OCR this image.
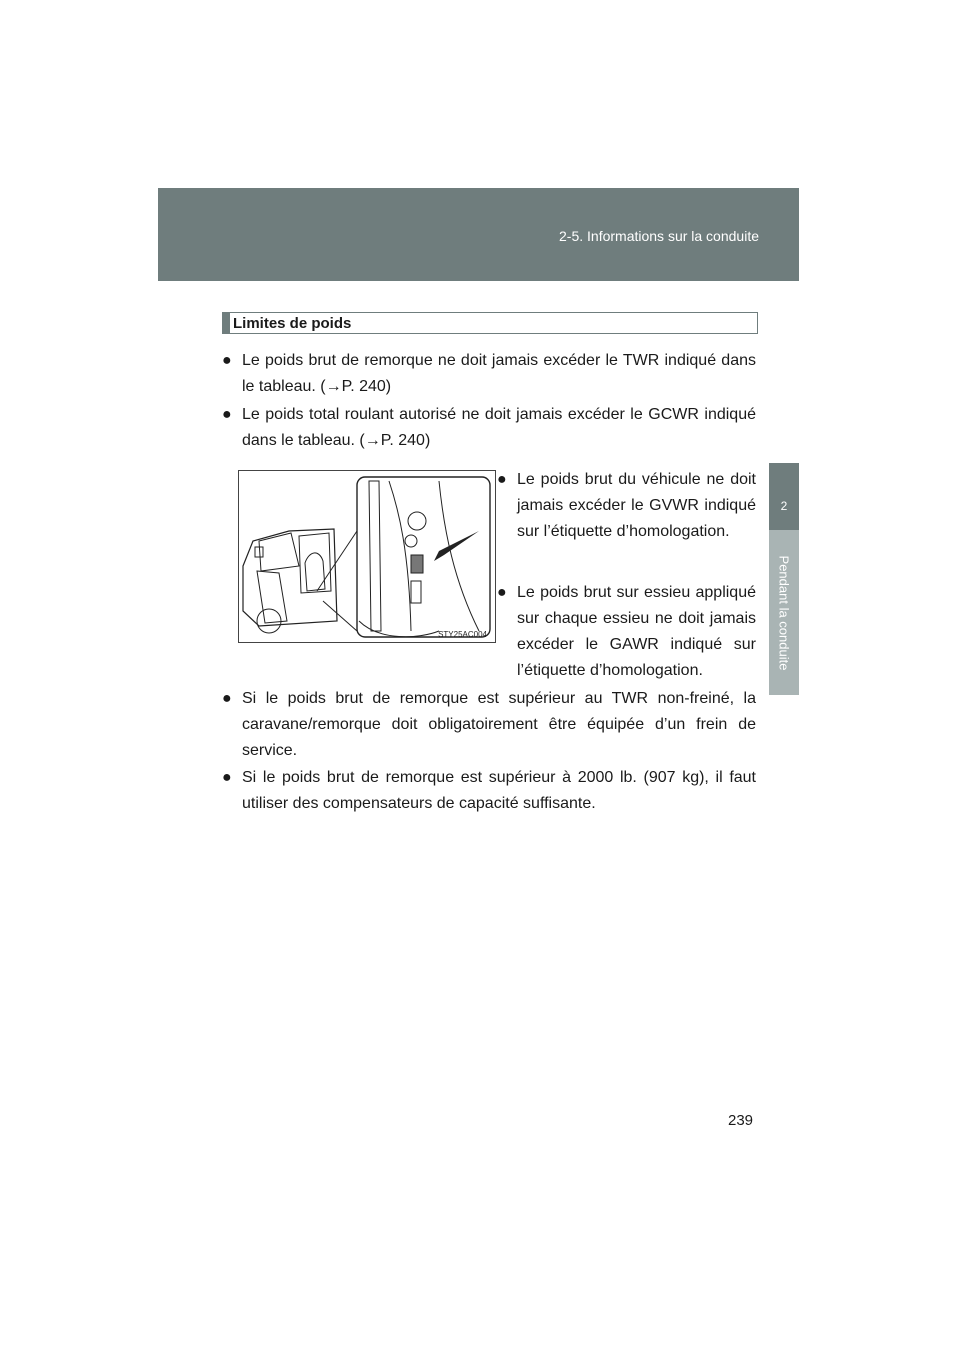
2-5. Informations sur la conduite
2
Pendant la conduite
Limites de poids
● Le poids brut de remorque ne doit jamais excéder le TWR indiqué dans le tableau. (→P. 240)
● Le poids total roulant autorisé ne doit jamais excéder le GCWR indiqué dans le tableau. (→P. 240)
STY25AC004
● Le poids brut du véhicule ne doit jamais excéder le GVWR indiqué sur l’étiquette d’homologation.
● Le poids brut sur essieu appliqué sur chaque essieu ne doit jamais excéder le GAWR indiqué sur l’étiquette d’homologation.
● Si le poids brut de remorque est supérieur au TWR non-freiné, la caravane/remorque doit obligatoirement être équipée d’un frein de service.
● Si le poids brut de remorque est supérieur à 2000 lb. (907 kg), il faut utiliser des compensateurs de capacité suffisante.
239
